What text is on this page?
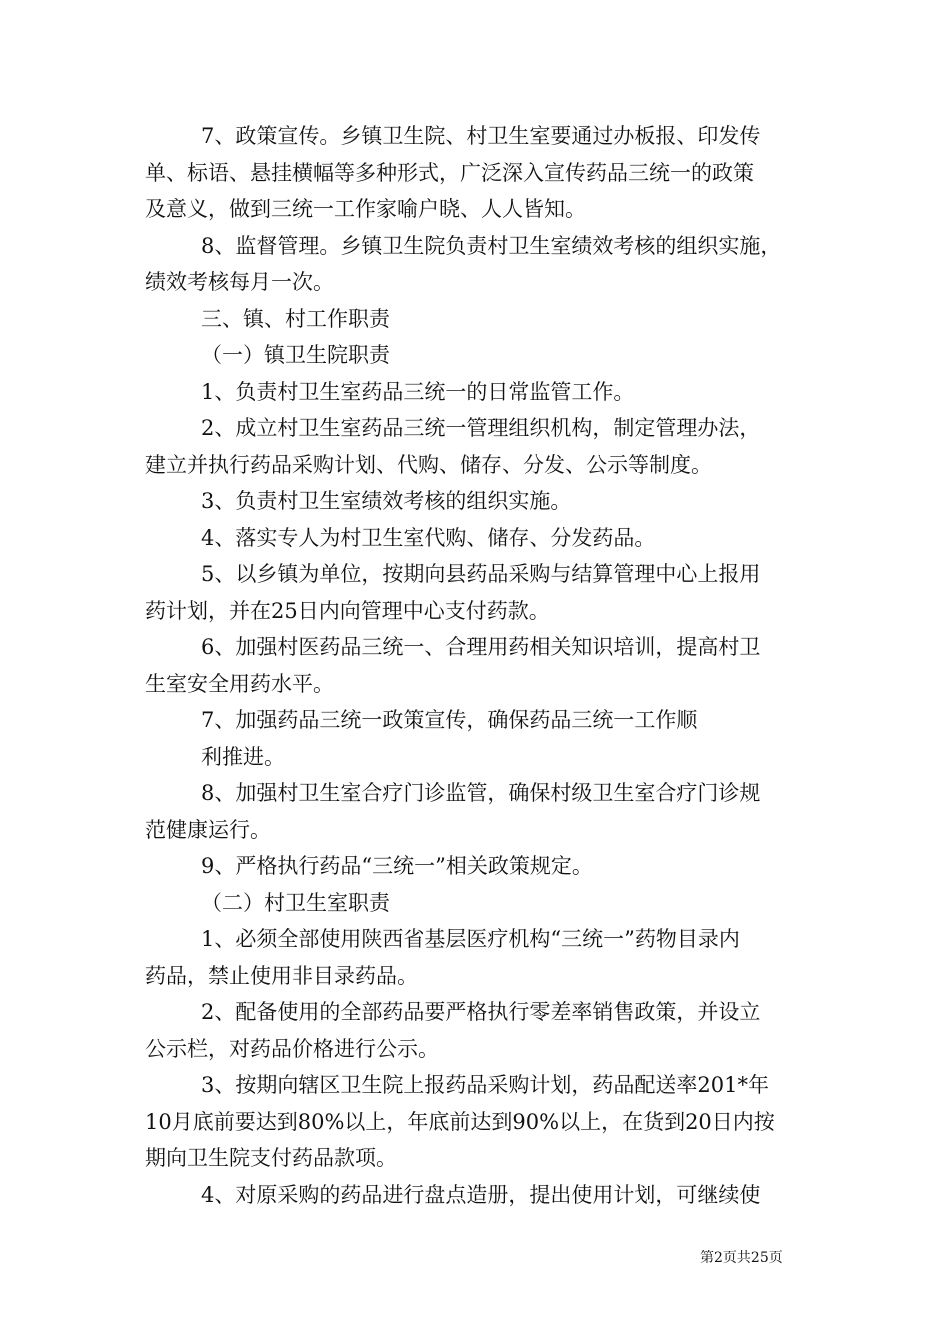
7、政策宣传。乡镇卫生院、村卫生室要通过办板报、印发传
单、标语、悬挂横幅等多种形式，广泛深入宣传药品三统一的政策
及意义，做到三统一工作家喻户晓、人人皆知。
8、监督管理。乡镇卫生院负责村卫生室绩效考核的组织实施，
绩效考核每月一次。
三、镇、村工作职责
（一）镇卫生院职责
1、负责村卫生室药品三统一的日常监管工作。
2、成立村卫生室药品三统一管理组织机构，制定管理办法，
建立并执行药品采购计划、代购、储存、分发、公示等制度。
3、负责村卫生室绩效考核的组织实施。
4、落实专人为村卫生室代购、储存、分发药品。
5、以乡镇为单位，按期向县药品采购与结算管理中心上报用
药计划，并在25日内向管理中心支付药款。
6、加强村医药品三统一、合理用药相关知识培训，提高村卫
生室安全用药水平。
7、加强药品三统一政策宣传，确保药品三统一工作顺
利推进。
8、加强村卫生室合疗门诊监管，确保村级卫生室合疗门诊规
范健康运行。
9、严格执行药品“三统一”相关政策规定。
（二）村卫生室职责
1、必须全部使用陕西省基层医疗机构“三统一”药物目录内
药品，禁止使用非目录药品。
2、配备使用的全部药品要严格执行零差率销售政策，并设立
公示栏，对药品价格进行公示。
3、按期向辖区卫生院上报药品采购计划，药品配送率201*年
10月底前要达到80%以上，年底前达到90%以上，在货到20日内按
期向卫生院支付药品款项。
4、对原采购的药品进行盘点造册，提出使用计划，可继续使
第2页共25页
